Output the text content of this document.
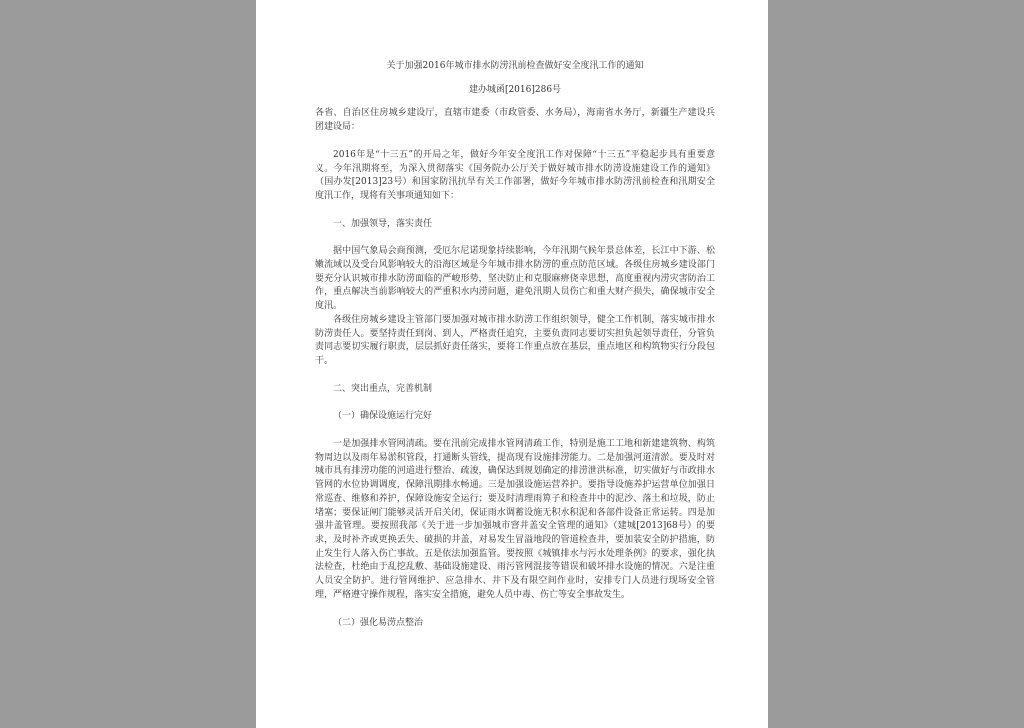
关于加强2016年城市排水防涝汛前检查做好安全度汛工作的通知
建办城函[2016]286号
各省、自治区住房城乡建设厅，直辖市建委（市政管委、水务局），海南省水务厅，新疆生产建设兵团建设局：
2016年是“十三五”的开局之年，做好今年安全度汛工作对保障“十三五”平稳起步具有重要意义。今年汛期将至，为深入贯彻落实《国务院办公厅关于做好城市排水防涝设施建设工作的通知》（国办发[2013]23号）和国家防汛抗旱有关工作部署，做好今年城市排水防涝汛前检查和汛期安全度汛工作，现将有关事项通知如下：
一、加强领导，落实责任
据中国气象局会商预测，受厄尔尼诺现象持续影响，今年汛期气候年景总体差，长江中下游、松嫩流域以及受台风影响较大的沿海区域是今年城市排水防涝的重点防范区域。各级住房城乡建设部门要充分认识城市排水防涝面临的严峻形势，坚决防止和克服麻痹侥幸思想，高度重视内涝灾害防治工作，重点解决当前影响较大的严重积水内涝问题，避免汛期人员伤亡和重大财产损失，确保城市安全度汛。
各级住房城乡建设主管部门要加强对城市排水防涝工作组织领导，健全工作机制，落实城市排水防涝责任人。要坚持责任到岗、到人，严格责任追究，主要负责同志要切实担负起领导责任，分管负责同志要切实履行职责，层层抓好责任落实，要将工作重点放在基层，重点地区和构筑物实行分段包干。
二、突出重点，完善机制
（一）确保设施运行完好
一是加强排水管网清疏。要在汛前完成排水管网清疏工作，特别是施工工地和新建建筑物、构筑物周边以及雨年易淤积管段，打通断头管线，提高现有设施排涝能力。二是加强河道清淤。要及时对城市具有排涝功能的河道进行整治、疏浚，确保达到规划确定的排涝泄洪标准，切实做好与市政排水管网的水位协调调度，保障汛期排水畅通。三是加强设施运营养护。要指导设施养护运营单位加强日常巡查、维修和养护，保障设施安全运行；要及时清理雨箅子和检查井中的泥沙、落土和垃圾，防止堵塞；要保证闸门能够灵活开启关闭，保证雨水调蓄设施无积水积泥和各部件设备正常运转。四是加强井盖管理。要按照我部《关于进一步加强城市窨井盖安全管理的通知》（建城[2013]68号）的要求，及时补齐或更换丢失、破损的井盖，对易发生冒溢地段的管道检查井，要加装安全防护措施，防止发生行人落入伤亡事故。五是依法加强监管。要按照《城镇排水与污水处理条例》的要求，强化执法检查，杜绝由于乱挖乱敷、基础设施建设、雨污管网混接等错误和破坏排水设施的情况。六是注重人员安全防护。进行管网维护、应急排水、井下及有限空间作业时，安排专门人员进行现场安全管理，严格遵守操作规程，落实安全措施，避免人员中毒、伤亡等安全事故发生。
（二）强化易涝点整治
